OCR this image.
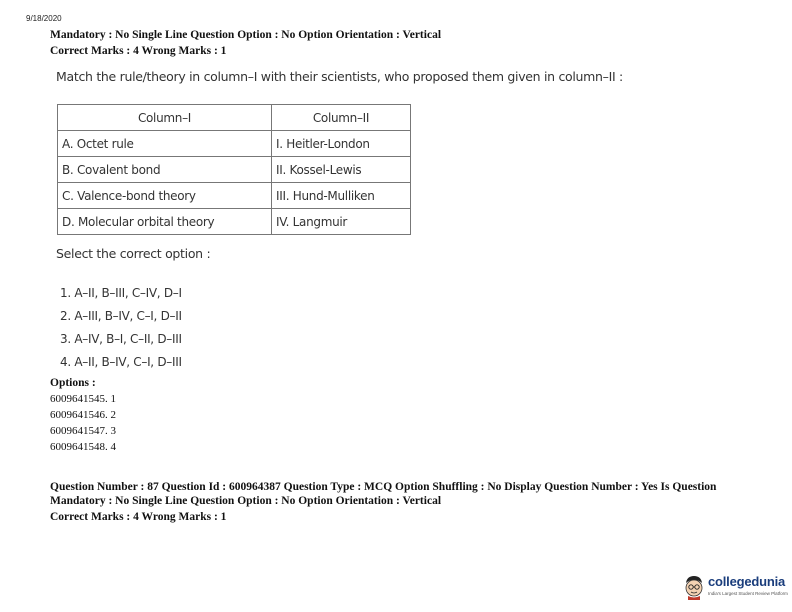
9/18/2020
Mandatory : No Single Line Question Option : No Option Orientation : Vertical
Correct Marks : 4 Wrong Marks : 1
Match the rule/theory in column–I with their scientists, who proposed them given in column–II :
Column–I	Column–II
A. Octet rule	I. Heitler-London
B. Covalent bond	II. Kossel-Lewis
C. Valence-bond theory	III. Hund-Mulliken
D. Molecular orbital theory	IV. Langmuir
Select the correct option :
1. A–II, B–III, C–IV, D–I
2. A–III, B–IV, C–I, D–II
3. A–IV, B–I, C–II, D–III
4. A–II, B–IV, C–I, D–III
Options :
6009641545. 1
6009641546. 2
6009641547. 3
6009641548. 4
Question Number : 87 Question Id : 600964387 Question Type : MCQ Option Shuffling : No Display Question Number : Yes Is Question
Mandatory : No Single Line Question Option : No Option Orientation : Vertical
Correct Marks : 4 Wrong Marks : 1
collegedunia
India's Largest Student Review Platform
